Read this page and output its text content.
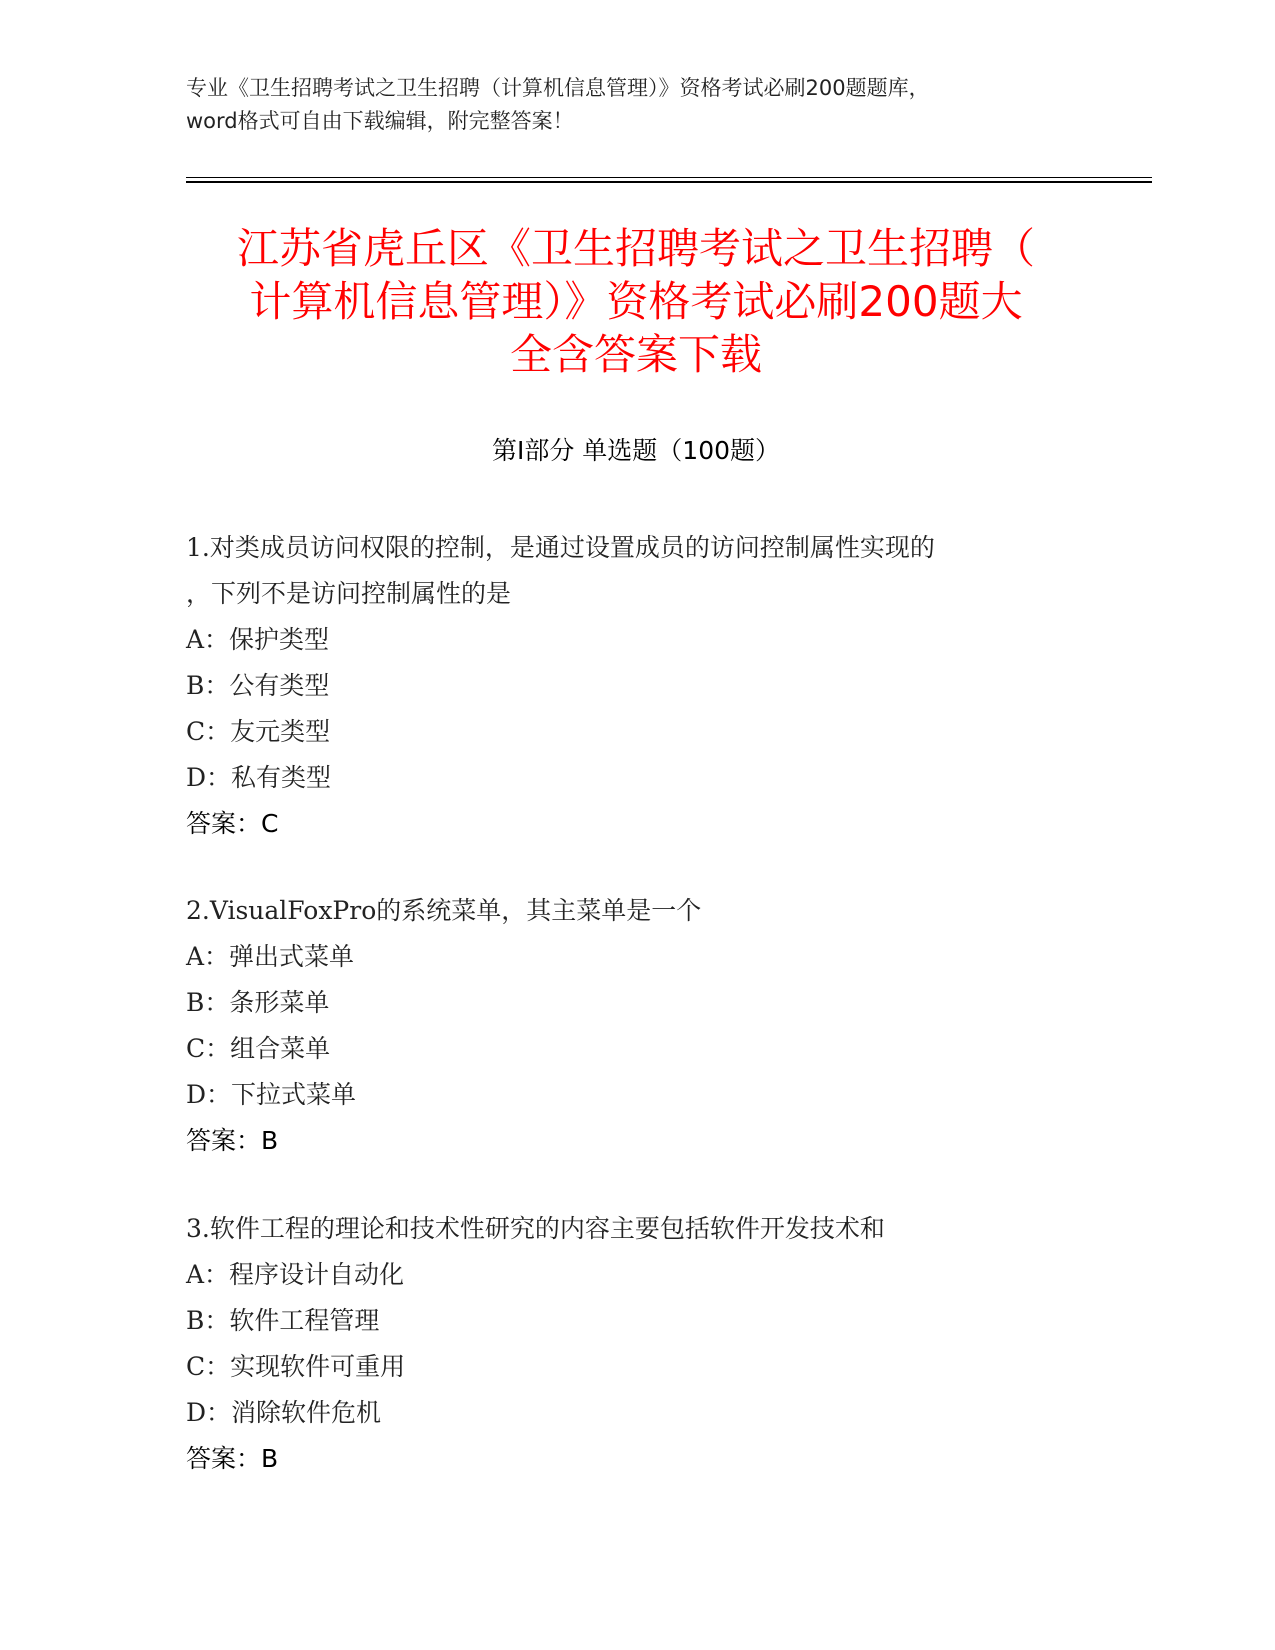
专业《卫生招聘考试之卫生招聘（计算机信息管理）》资格考试必刷200题题库，
word格式可自由下载编辑，附完整答案！
江苏省虎丘区《卫生招聘考试之卫生招聘（
计算机信息管理）》资格考试必刷200题大
全含答案下载
第I部分 单选题（100题）
1.对类成员访问权限的控制，是通过设置成员的访问控制属性实现的
，下列不是访问控制属性的是
A：保护类型
B：公有类型
C：友元类型
D：私有类型
答案：C
2.VisualFoxPro的系统菜单，其主菜单是一个
A：弹出式菜单
B：条形菜单
C：组合菜单
D：下拉式菜单
答案：B
3.软件工程的理论和技术性研究的内容主要包括软件开发技术和
A：程序设计自动化
B：软件工程管理
C：实现软件可重用
D：消除软件危机
答案：B
